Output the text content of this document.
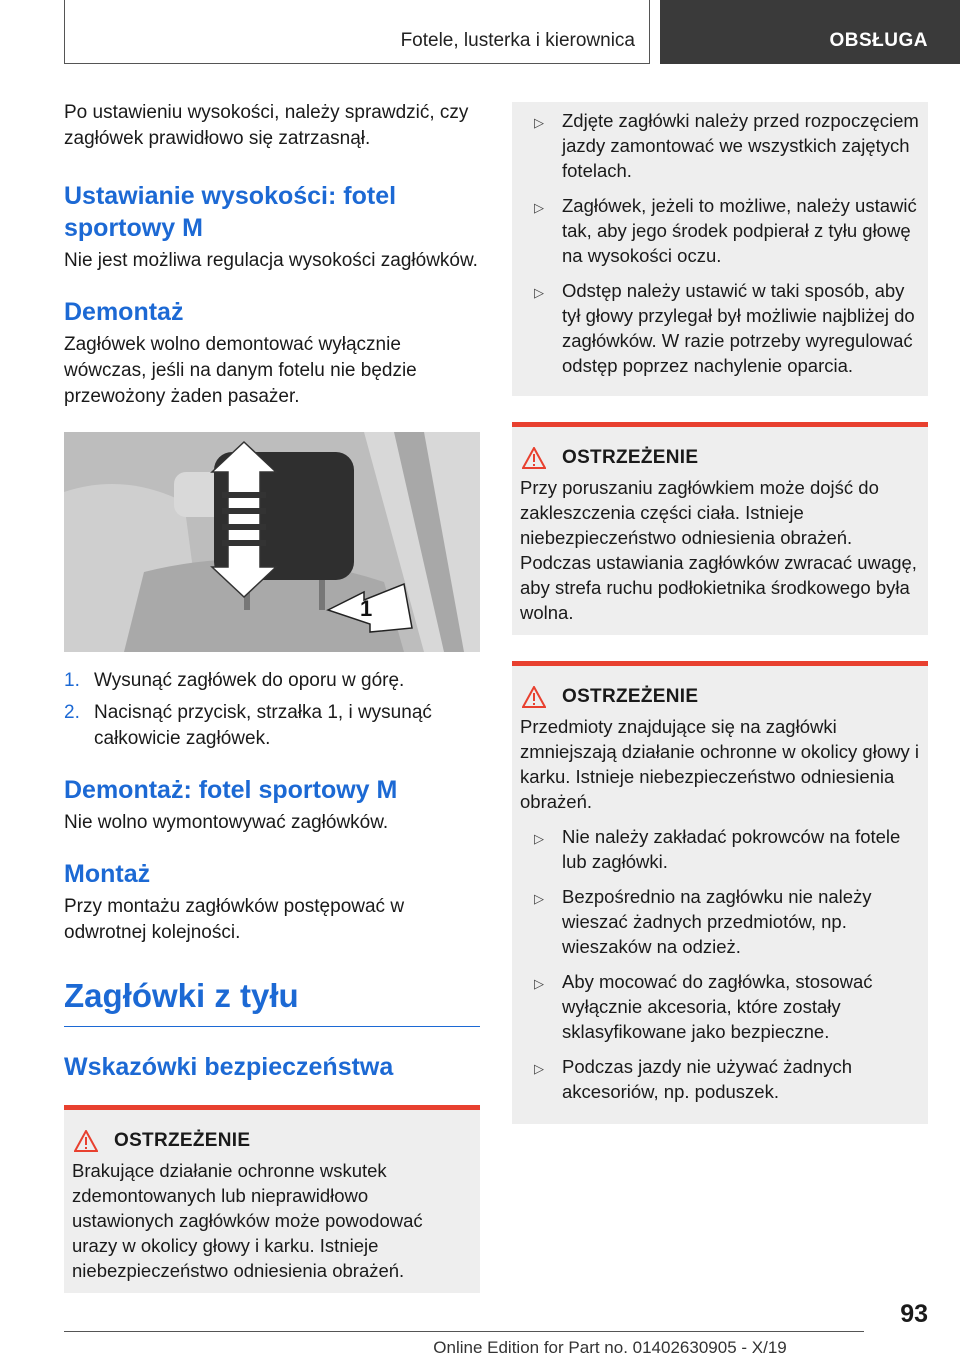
Fotele, lusterka i kierownica	OBSŁUGA

Po ustawieniu wysokości, należy sprawdzić, czy zagłówek prawidłowo się zatrzasnął.

Ustawianie wysokości: fotel sportowy M

Nie jest możliwa regulacja wysokości zagłówków.

Demontaż

Zagłówek wolno demontować wyłącznie wówczas, jeśli na danym fotelu nie będzie przewożony żaden pasażer.

1
1. Wysunąć zagłówek do oporu w górę.
2. Nacisnąć przycisk, strzałka 1, i wysunąć całkowicie zagłówek.
Demontaż: fotel sportowy M

Nie wolno wymontowywać zagłówków.

Montaż

Przy montażu zagłówków postępować w odwrotnej kolejności.

Zagłówki z tyłu
Wskazówki bezpieczeństwa
OSTRZEŻENIE

Brakujące działanie ochronne wskutek zdemontowanych lub nieprawidłowo ustawionych zagłówków może powodować urazy w okolicy głowy i karku. Istnieje niebezpieczeństwo odniesienia obrażeń.

▷ Zdjęte zagłówki należy przed rozpoczęciem jazdy zamontować we wszystkich zajętych fotelach.
▷ Zagłówek, jeżeli to możliwe, należy ustawić tak, aby jego środek podpierał z tyłu głowę na wysokości oczu.
▷ Odstęp należy ustawić w taki sposób, aby tył głowy przylegał był możliwie najbliżej do zagłówków. W razie potrzeby wyregulować odstęp poprzez nachylenie oparcia.
OSTRZEŻENIE

Przy poruszaniu zagłówkiem może dojść do zakleszczenia części ciała. Istnieje niebezpieczeństwo odniesienia obrażeń. Podczas ustawiania zagłówków zwracać uwagę, aby strefa ruchu podłokietnika środkowego była wolna.

OSTRZEŻENIE

Przedmioty znajdujące się na zagłówki zmniejszają działanie ochronne w okolicy głowy i karku. Istnieje niebezpieczeństwo odniesienia obrażeń.

▷ Nie należy zakładać pokrowców na fotele lub zagłówki.
▷ Bezpośrednio na zagłówku nie należy wieszać żadnych przedmiotów, np. wieszaków na odzież.
▷ Aby mocować do zagłówka, stosować wyłącznie akcesoria, które zostały sklasyfikowane jako bezpieczne.
▷ Podczas jazdy nie używać żadnych akcesoriów, np. poduszek.
93
Online Edition for Part no. 01402630905 - X/19
